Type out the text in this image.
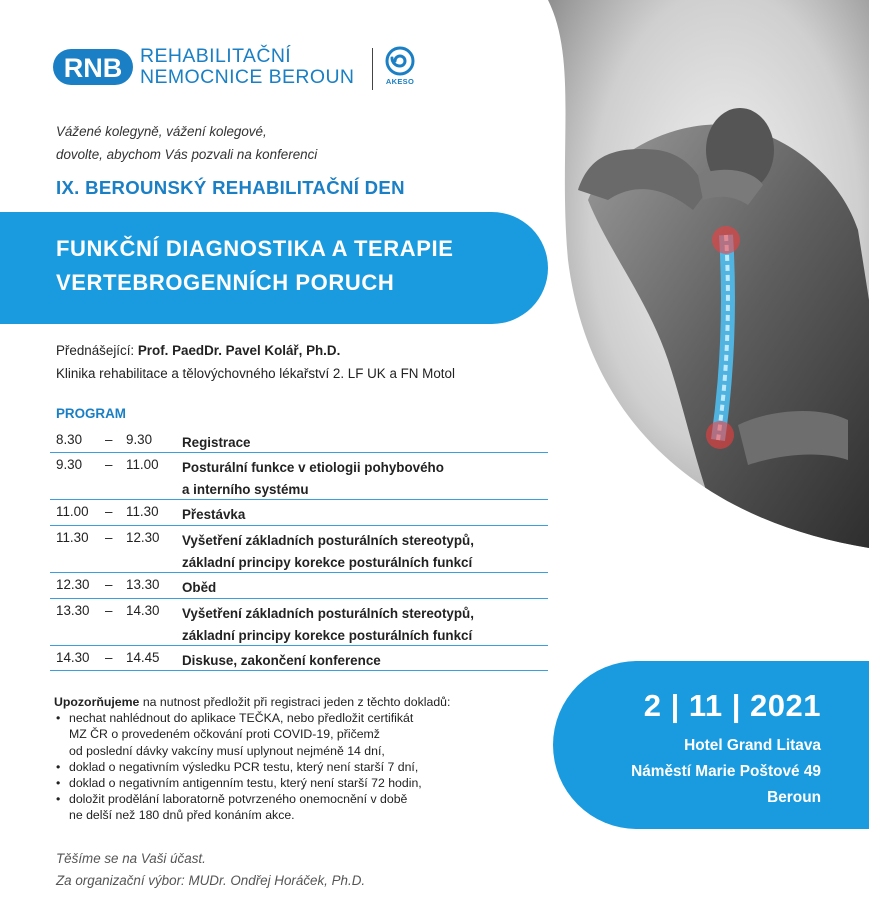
RNB REHABILITAČNÍ
NEMOCNICE BEROUN	AKESO
Vážené kolegyně, vážení kolegové,
dovolte, abychom Vás pozvali na konferenci
IX. BEROUNSKÝ REHABILITAČNÍ DEN
FUNKČNÍ DIAGNOSTIKA A TERAPIE
VERTEBROGENNÍCH PORUCH
Přednášející: Prof. PaedDr. Pavel Kolář, Ph.D.
Klinika rehabilitace a tělovýchovného lékařství 2. LF UK a FN Motol
PROGRAM
8.30 – 9.30 Registrace
9.30 – 11.00 Posturální funkce v etiologii pohybového
a interního systému
11.00 – 11.30 Přestávka
11.30 – 12.30 Vyšetření základních posturálních stereotypů,
základní principy korekce posturálních funkcí
12.30 – 13.30 Oběd
13.30 – 14.30 Vyšetření základních posturálních stereotypů,
základní principy korekce posturálních funkcí
14.30 – 14.45 Diskuse, zakončení konference
Upozorňujeme na nutnost předložit při registraci jeden z těchto dokladů:
• nechat nahlédnout do aplikace TEČKA, nebo předložit certifikát
MZ ČR o provedeném očkování proti COVID-19, přičemž
od poslední dávky vakcíny musí uplynout nejméně 14 dní,
• doklad o negativním výsledku PCR testu, který není starší 7 dní,
• doklad o negativním antigenním testu, který není starší 72 hodin,
• doložit prodělání laboratorně potvrzeného onemocnění v době
ne delší než 180 dnů před konáním akce.
Těšíme se na Vaši účast.
Za organizační výbor: MUDr. Ondřej Horáček, Ph.D.
2 | 11 | 2021
Hotel Grand Litava
Náměstí Marie Poštové 49
Beroun
